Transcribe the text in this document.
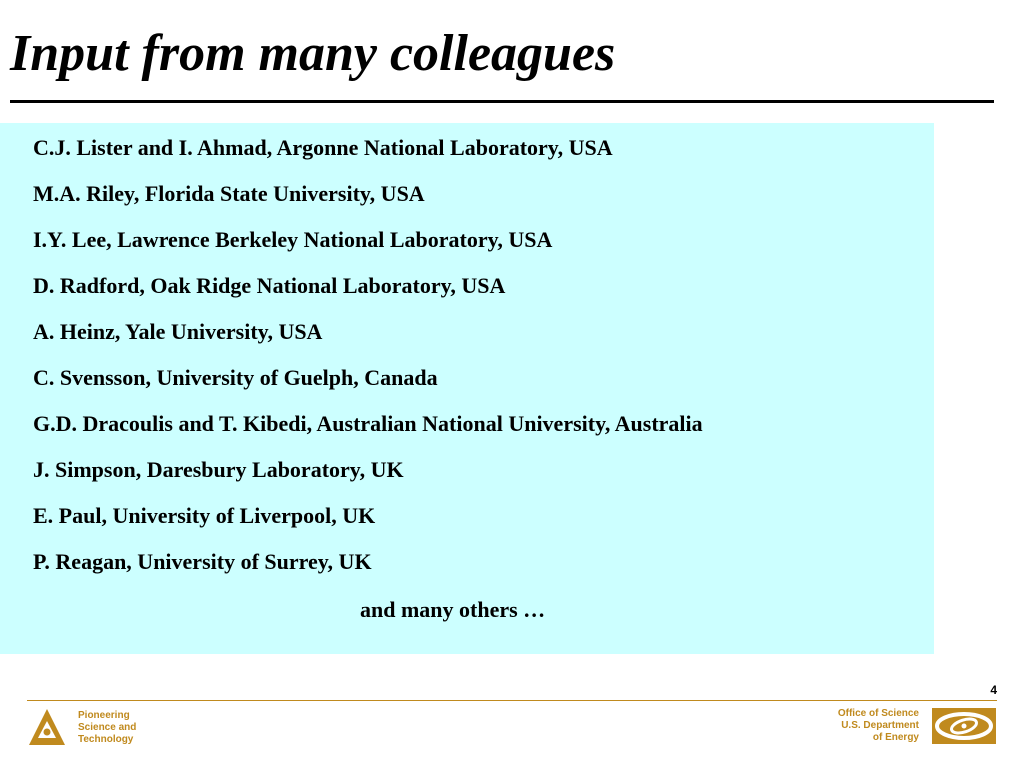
Input from many colleagues
C.J. Lister and I. Ahmad, Argonne National Laboratory, USA
M.A. Riley, Florida State University, USA
I.Y. Lee, Lawrence Berkeley National Laboratory, USA
D. Radford, Oak Ridge National Laboratory, USA
A. Heinz, Yale University, USA
C. Svensson, University of Guelph, Canada
G.D. Dracoulis and T. Kibedi, Australian National University, Australia
J. Simpson, Daresbury Laboratory, UK
E. Paul, University of Liverpool, UK
P. Reagan, University of Surrey, UK
and many others …
4
Pioneering
Science and
Technology
Office of Science
U.S. Department
of Energy
